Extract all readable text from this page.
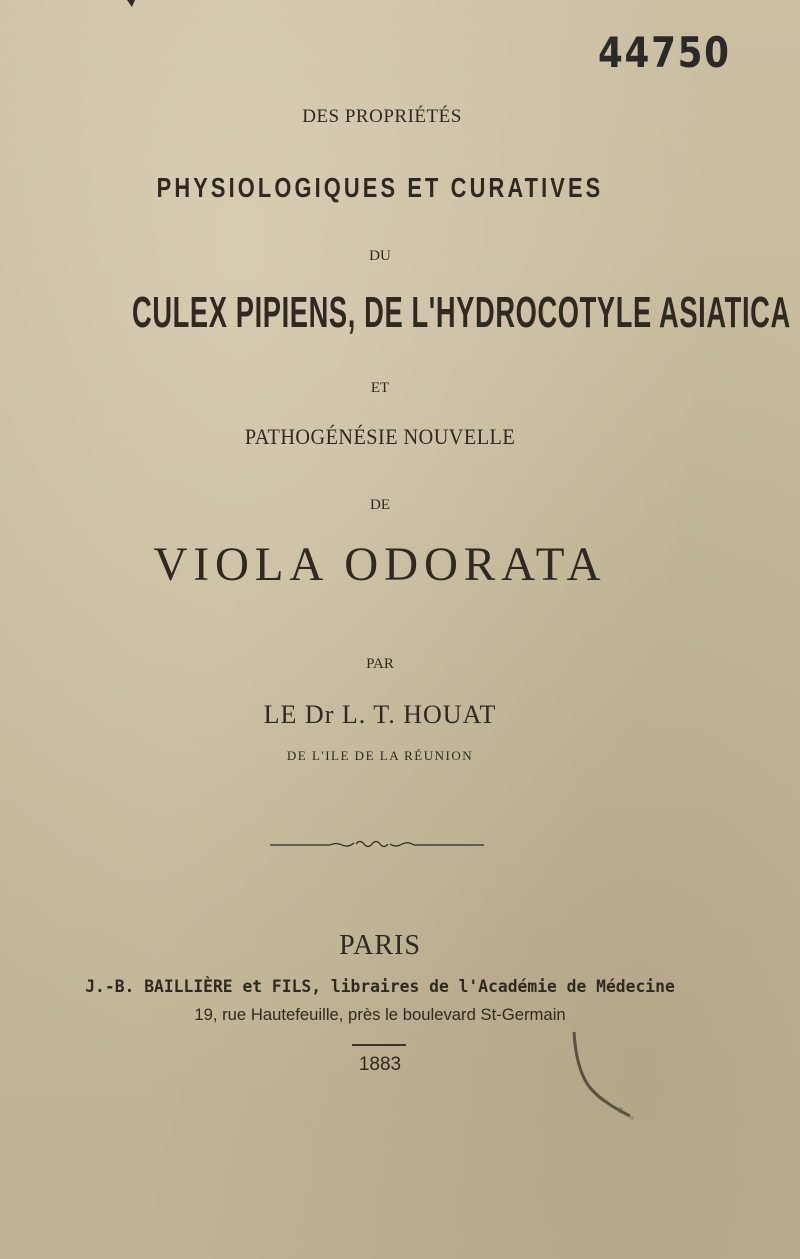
44750

DES PROPRIÉTÉS

PHYSIOLOGIQUES ET CURATIVES

DU

CULEX PIPIENS, DE L'HYDROCOTYLE ASIATICA

ET

PATHOGÉNÉSIE NOUVELLE

DE

VIOLA ODORATA

PAR

LE Dr L. T. HOUAT

DE L'ILE DE LA RÉUNION

PARIS

J.-B. BAILLIÈRE et FILS, libraires de l'Académie de Médecine

19, rue Hautefeuille, près le boulevard St-Germain

1883
